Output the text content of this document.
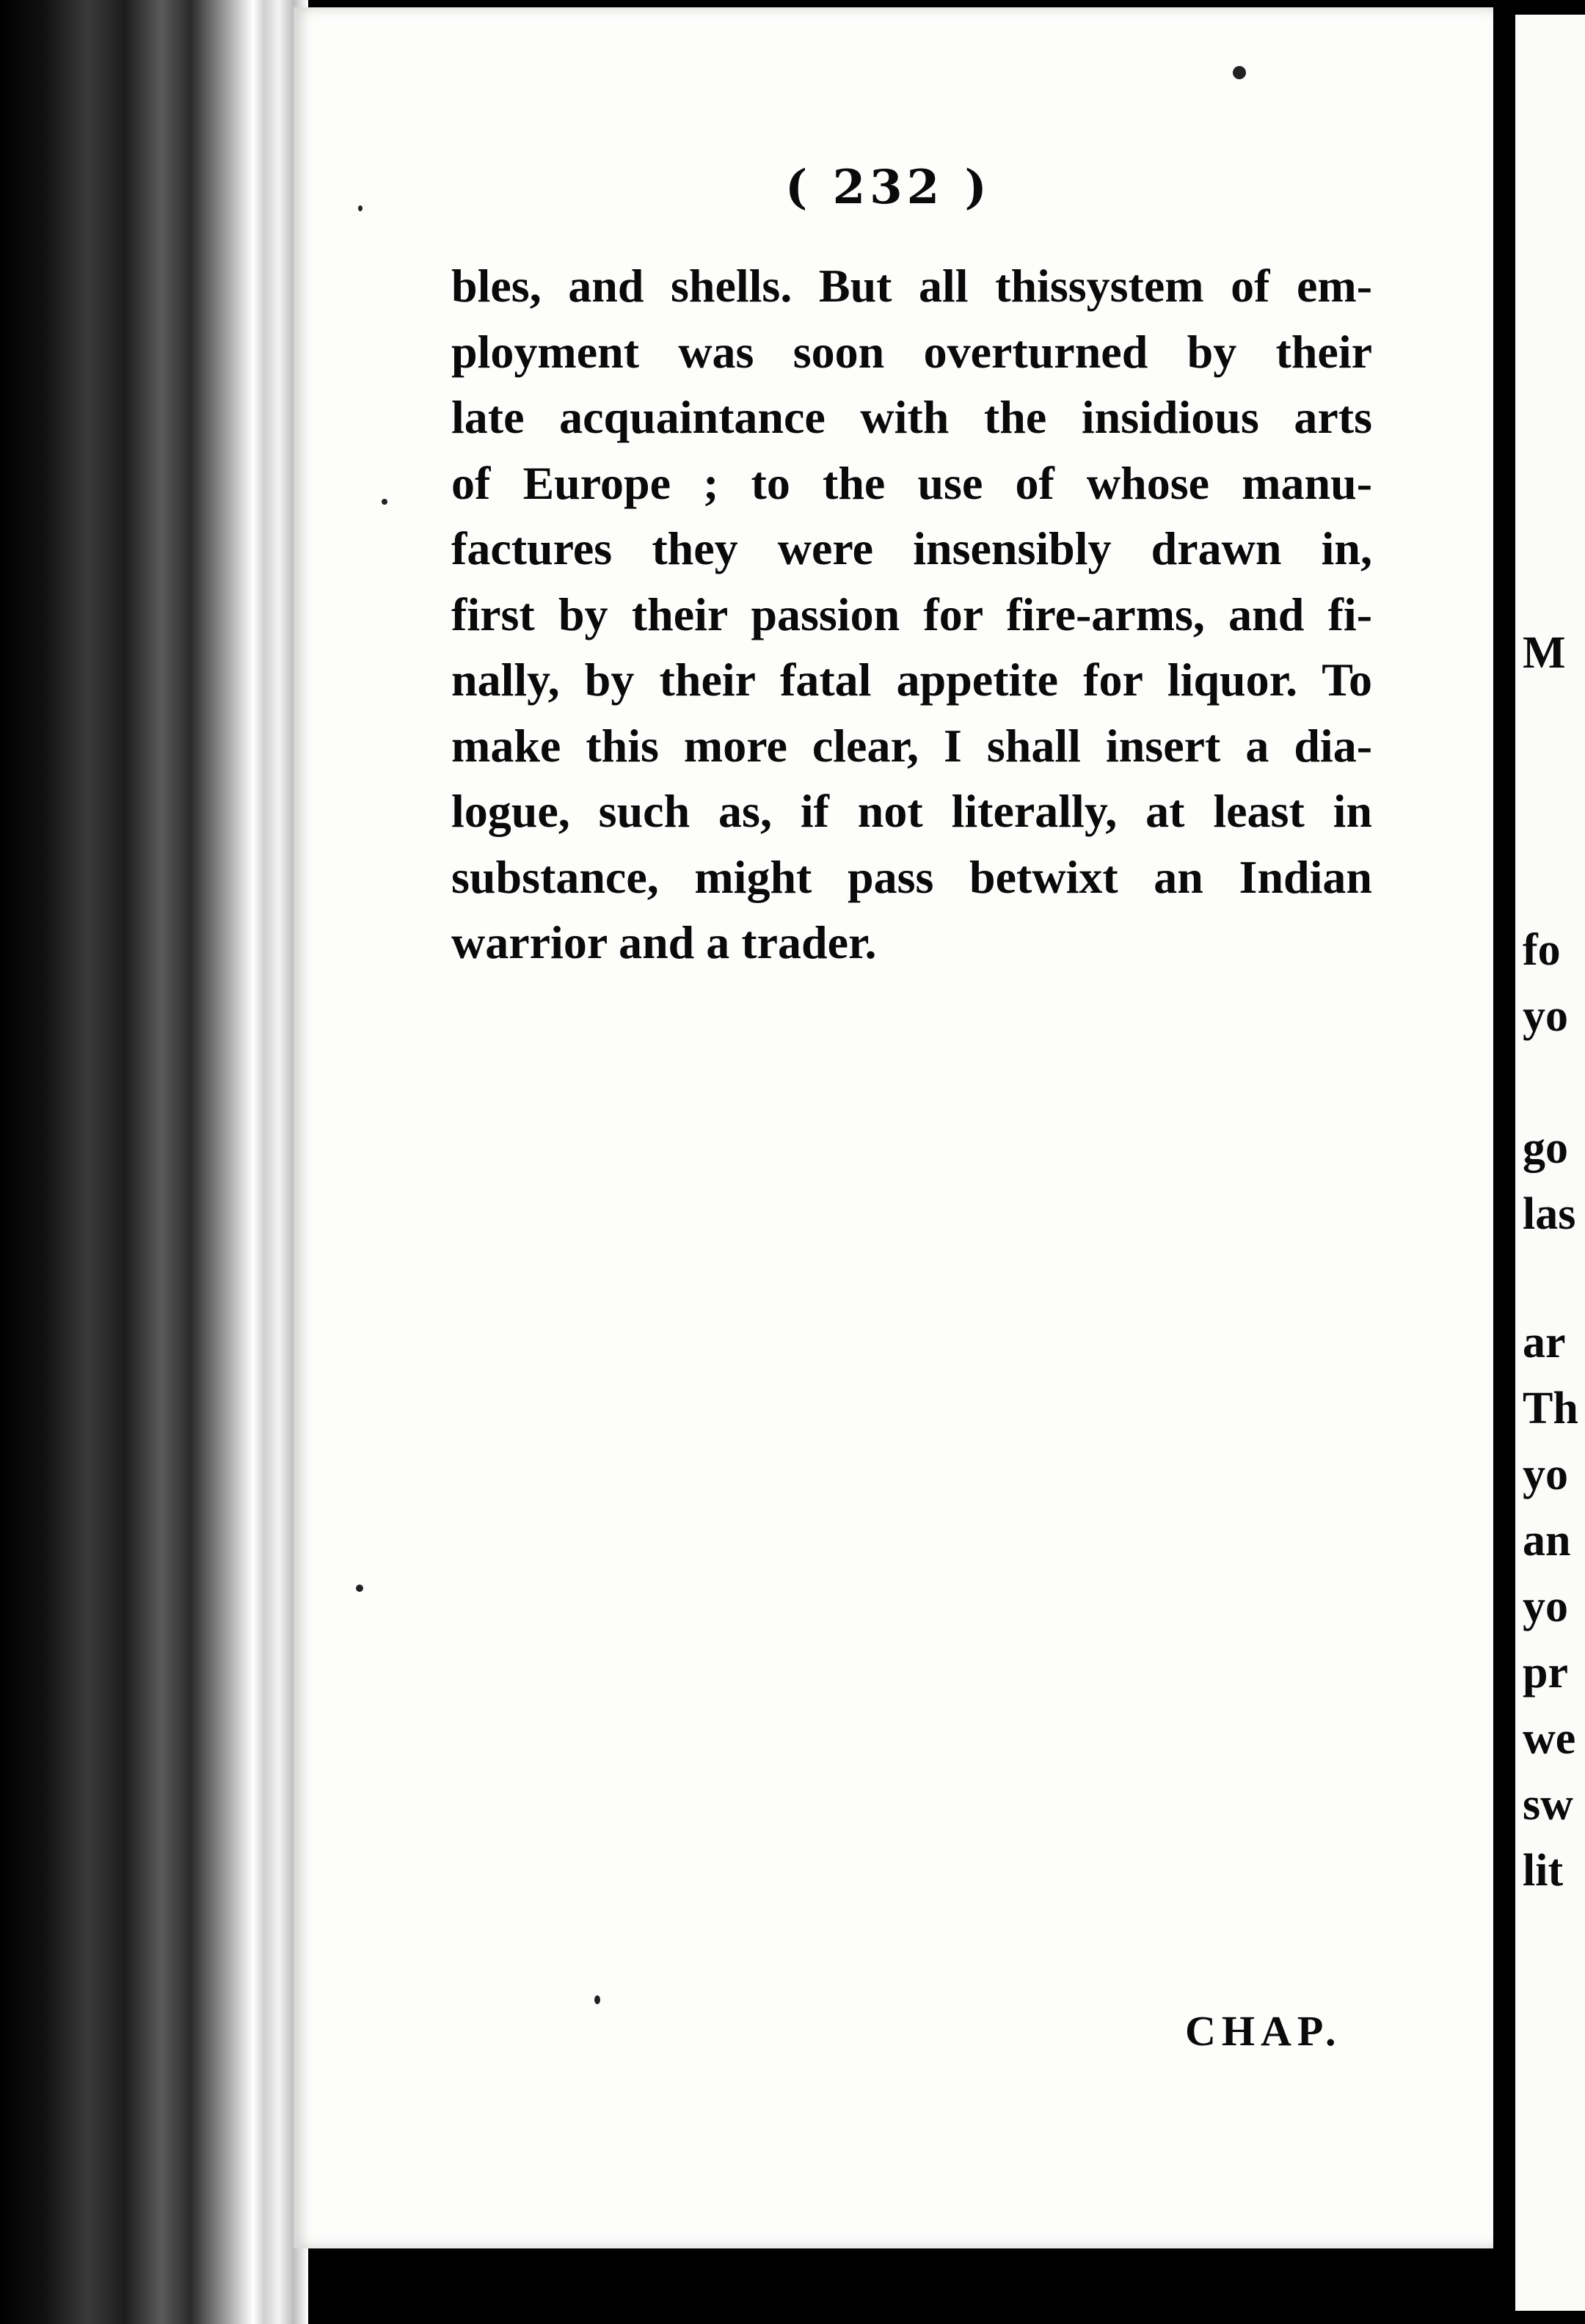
( 232 )
bles, and shells. But all thissystem of em-
ployment was soon overturned by their
late acquaintance with the insidious arts
of Europe ; to the use of whose manu-
factures they were insensibly drawn in,
first by their passion for fire-arms, and fi-
nally, by their fatal appetite for liquor. To
make this more clear, I shall insert a dia-
logue, such as, if not literally, at least in
substance, might pass betwixt an Indian
warrior and a trader.
CHAP.
M
fo
yo
go
las
ar
Th
yo
an
yo
pr
we
sw
lit
